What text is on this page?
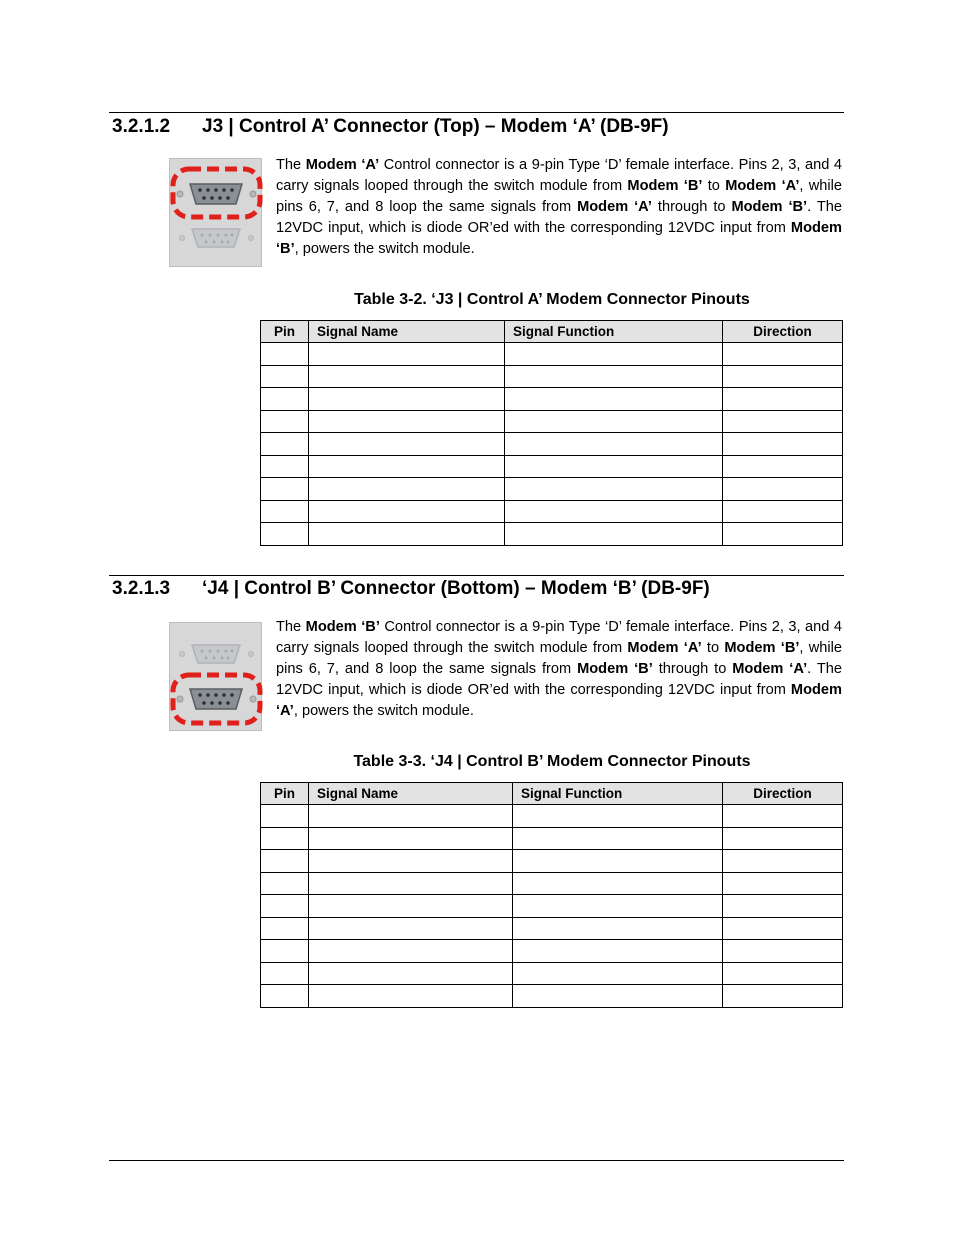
3.2.1.2 J3 | Control A’ Connector (Top) – Modem ‘A’ (DB-9F)
The Modem ‘A’ Control connector is a 9-pin Type ‘D’ female interface. Pins 2, 3, and 4 carry signals looped through the switch module from Modem ‘B’ to Modem ‘A’, while pins 6, 7, and 8 loop the same signals from Modem ‘A’ through to Modem ‘B’. The 12VDC input, which is diode OR’ed with the corresponding 12VDC input from Modem ‘B’, powers the switch module.
Table 3-2. ‘J3 | Control A’ Modem Connector Pinouts
Pin	Signal Name	Signal Function	Direction

3.2.1.3 ‘J4 | Control B’ Connector (Bottom) – Modem ‘B’ (DB-9F)
The Modem ‘B’ Control connector is a 9-pin Type ‘D’ female interface. Pins 2, 3, and 4 carry signals looped through the switch module from Modem ‘A’ to Modem ‘B’, while pins 6, 7, and 8 loop the same signals from Modem ‘B’ through to Modem ‘A’. The 12VDC input, which is diode OR’ed with the corresponding 12VDC input from Modem ‘A’, powers the switch module.
Table 3-3. ‘J4 | Control B’ Modem Connector Pinouts
Pin	Signal Name	Signal Function	Direction
